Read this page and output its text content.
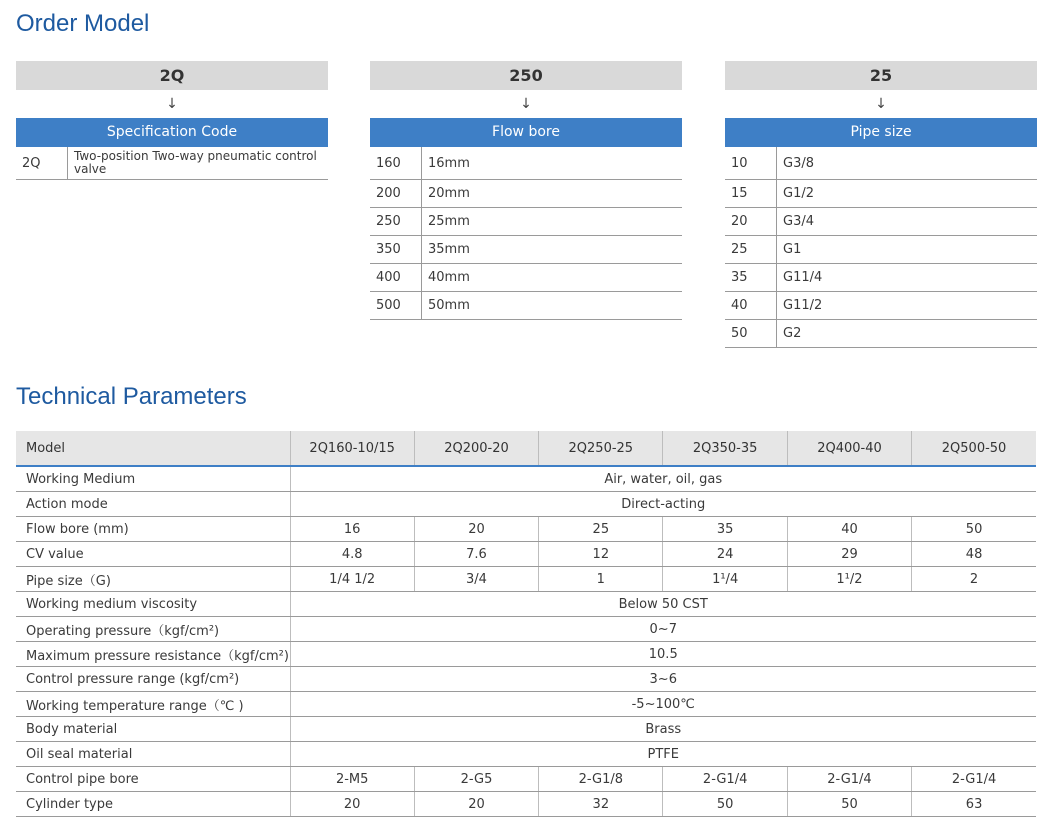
Order Model
2Q
↓
Specification Code
2Q	Two-position Two-way pneumatic control valve
250
↓
Flow bore
160	16mm
200	20mm
250	25mm
350	35mm
400	40mm
500	50mm
25
↓
Pipe size
10	G3/8
15	G1/2
20	G3/4
25	G1
35	G11/4
40	G11/2
50	G2
Technical Parameters
Model	2Q160-10/15	2Q200-20	2Q250-25	2Q350-35	2Q400-40	2Q500-50
Working Medium	Air, water, oil, gas					
Action mode	Direct-acting					
Flow bore (mm)	16	20	25	35	40	50
CV value	4.8	7.6	12	24	29	48
Pipe size（G)	1/4 1/2	3/4	1	1¹/4	1¹/2	2
Working medium viscosity	Below 50 CST					
Operating pressure（kgf/cm²)	0~7					
Maximum pressure resistance（kgf/cm²)	10.5					
Control pressure range (kgf/cm²)	3~6					
Working temperature range（℃ )	-5~100℃					
Body material	Brass					
Oil seal material	PTFE					
Control pipe bore	2-M5	2-G5	2-G1/8	2-G1/4	2-G1/4	2-G1/4
Cylinder type	20	20	32	50	50	63
